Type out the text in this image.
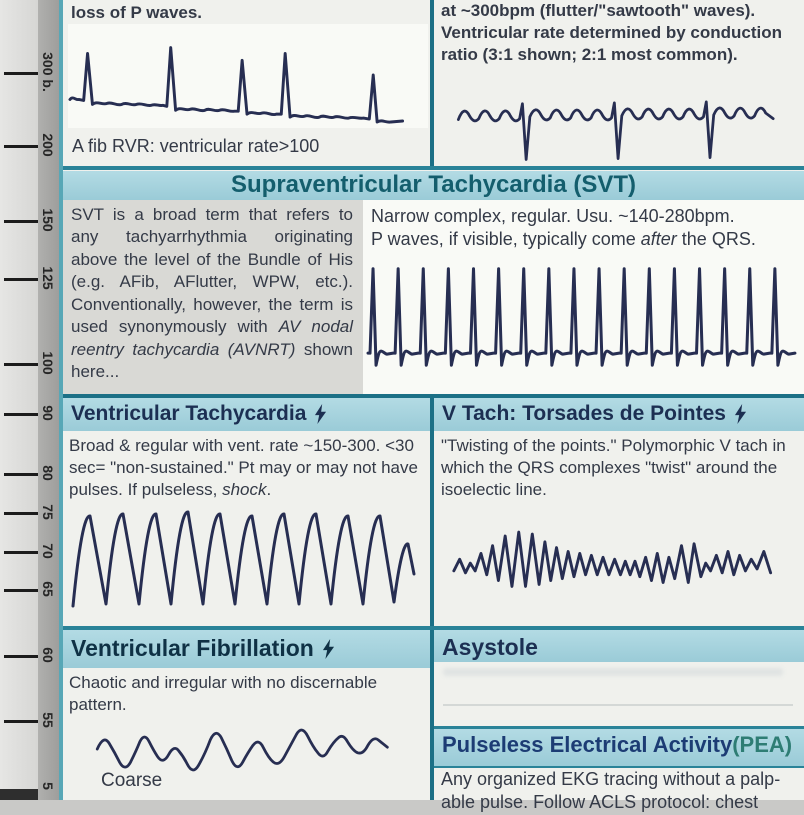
300 b.
200
150
125
100
90
80
75
70
65
60
55
5
loss of P waves.
A fib RVR: ventricular rate>100
at ~300bpm (flutter/"sawtooth" waves).
Ventricular rate determined by conduction
ratio (3:1 shown; 2:1 most common).
Supraventricular Tachycardia (SVT)
SVT is a broad term that refers to any tachyarrhythmia originating above the level of the Bundle of His (e.g. AFib, AFlutter, WPW, etc.). Conventionally, however, the term is used synonymously with AV nodal reentry tachycardia (AVNRT) shown here...
Narrow complex, regular. Usu. ~140-280bpm.
P waves, if visible, typically come after the QRS.
Ventricular Tachycardia
Broad & regular with vent. rate ~150-300. <30 sec= "non-sustained." Pt may or may not have pulses. If pulseless, shock.
V Tach: Torsades de Pointes
"Twisting of the points." Polymorphic V tach in which the QRS complexes "twist" around the isoelectic line.
Ventricular Fibrillation
Chaotic and irregular with no discernable pattern.
Coarse
Asystole
Pulseless Electrical Activity (PEA)
Any organized EKG tracing without a palp-
able pulse. Follow ACLS protocol: chest
